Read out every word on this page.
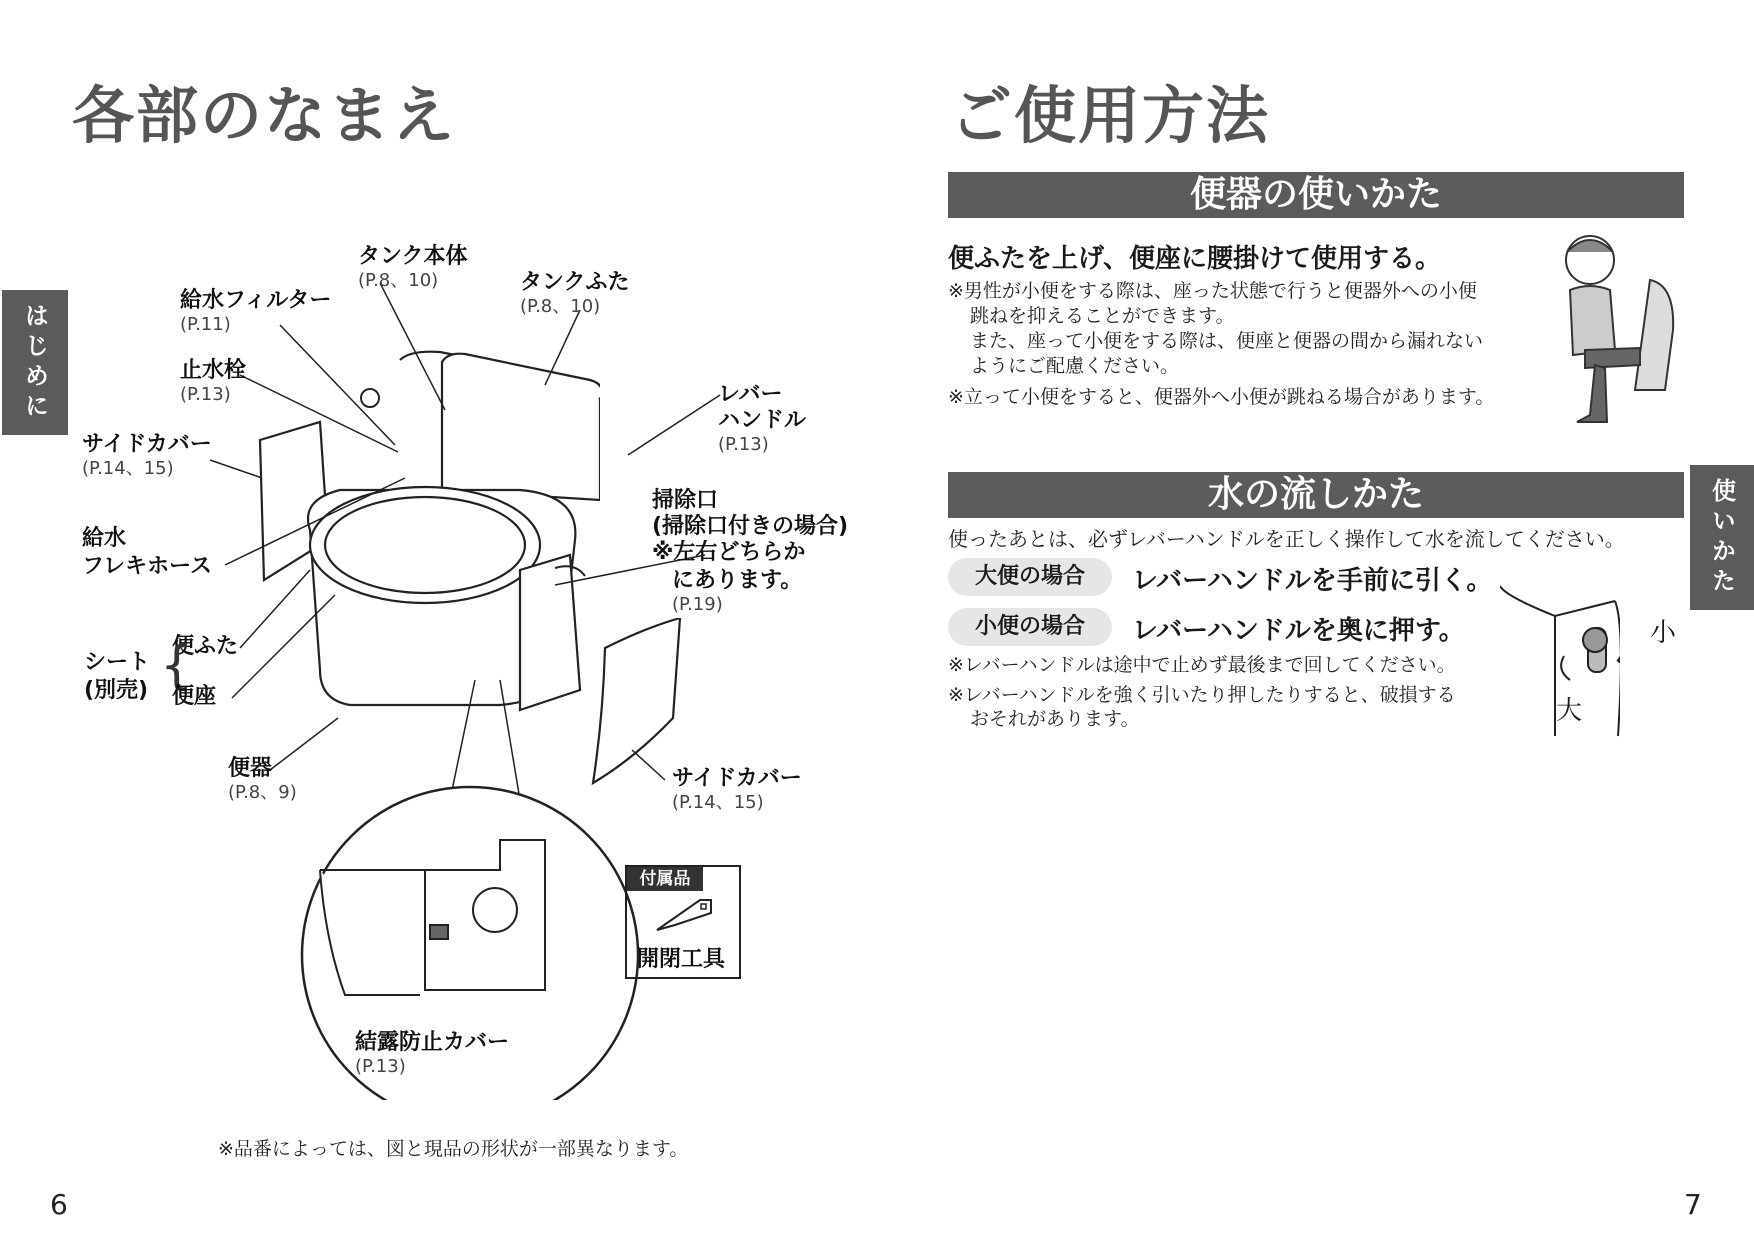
各部のなまえ
はじめに
タンク本体
(P.8、10)	タンクふた
(P.8、10)
給水フィルター
(P.11)
止水栓
(P.13)
サイドカバー
(P.14、15)
給水
フレキホース
レバー
ハンドル
(P.13)
掃除口
(掃除口付きの場合)
※左右どちらか
にあります。
(P.19)
便ふた
シート
(別売) {
便座
便器
(P.8、9)
サイドカバー
(P.14、15)
付属品
開閉工具
結露防止カバー
(P.13)
※品番によっては、図と現品の形状が一部異なります。
6
ご使用方法
便器の使いかた
便ふたを上げ、便座に腰掛けて使用する。
※男性が小便をする際は、座った状態で行うと便器外への小便
跳ねを抑えることができます。
また、座って小便をする際は、便座と便器の間から漏れない
ようにご配慮ください。
※立って小便をすると、便器外へ小便が跳ねる場合があります。
使いかた
水の流しかた
使ったあとは、必ずレバーハンドルを正しく操作して水を流してください。
大便の場合	レバーハンドルを手前に引く。
小便の場合	レバーハンドルを奥に押す。
※レバーハンドルは途中で止めず最後まで回してください。
※レバーハンドルを強く引いたり押したりすると、破損する
おそれがあります。
小
大
7
